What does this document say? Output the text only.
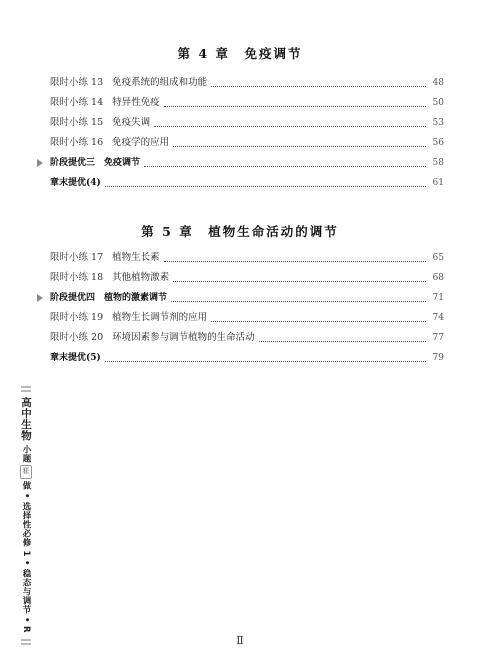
第 4 章　免疫调节
限时小练 13 免疫系统的组成和功能	48
限时小练 14 特异性免疫	50
限时小练 15 免疫失调	53
限时小练 16 免疫学的应用	56
阶段提优三 免疫调节	58
章末提优(4)	61
第 5 章　植物生命活动的调节
限时小练 17 植物生长素	65
限时小练 18 其他植物激素	68
阶段提优四 植物的激素调节	71
限时小练 19 植物生长调节剂的应用	74
限时小练 20 环境因素参与调节植物的生命活动	77
章末提优(5)	79
高中生物
小题
狂
做
•
选择性必修 1
•
稳态与调节
•
R
Ⅱ
